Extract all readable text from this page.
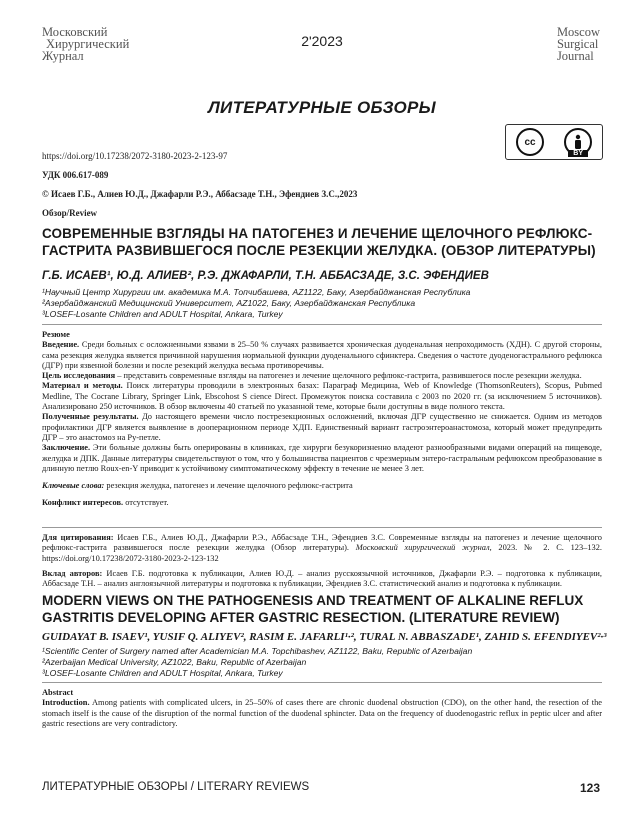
Московский
Хирургический
Журнал
2'2023
Moscow
Surgical
Journal
ЛИТЕРАТУРНЫЕ ОБЗОРЫ
cc
BY
https://doi.org/10.17238/2072-3180-2023-2-123-97
УДК 006.617-089
© Исаев Г.Б., Алиев Ю.Д., Джафарли Р.Э., Аббасзаде Т.Н., Эфендиев З.С.,2023
Обзор/Review
СОВРЕМЕННЫЕ ВЗГЛЯДЫ НА ПАТОГЕНЕЗ И ЛЕЧЕНИЕ ЩЕЛОЧНОГО РЕФЛЮКС-ГАСТРИТА РАЗВИВШЕГОСЯ ПОСЛЕ РЕЗЕКЦИИ ЖЕЛУДКА. (ОБЗОР ЛИТЕРАТУРЫ)
Г.Б. ИСАЕВ¹, Ю.Д. АЛИЕВ², Р.Э. ДЖАФАРЛИ, Т.Н. АББАСЗАДЕ, З.С. ЭФЕНДИЕВ
¹Научный Центр Хирургии им. академика М.А. Топчибашева, AZ1122, Баку, Азербайджанская Республика
²Азербайджанский Медицинский Университет, AZ1022, Баку, Азербайджанская Республика
³LOSEF-Losante Children and ADULT Hospital, Ankara, Turkey

Резюме

Введение. Среди больных с осложненными язвами в 25–50 % случаях развивается хроническая дуоденальная непроходимость (ХДН). С другой стороны, сама резекция желудка является причинной нарушения нормальной функции дуоденального сфинктера. Сведения о частоте дуоденогастрального рефлюкса (ДГР) при язвенной болезни и после резекций желудка весьма противоречивы.

Цель исследования – представить современные взгляды на патогенез и лечение щелочного рефлюкс-гастрита, развившегося после резекции желудка.

Материал и методы. Поиск литературы проводили в электронных базах: Параграф Медицина, Web of Knowledge (ThomsonReuters), Scopus, Pubmed Medline, The Cocrane Library, Springer Link, Ebscohost S cience Direct. Промежуток поиска составила с 2003 по 2020 гг. (за исключением 5 источников). Анализировано 250 источников. В обзор включены 40 статьей по указанной теме, которые были доступны в виде полного текста.

Полученные результаты. До настоящего времени число пострезекционных осложнений, включая ДГР существенно не снижается. Одним из методов профилактики ДГР является выявление в дооперационном периоде ХДП. Единственный вариант гастроэнтероанастомоза, который может предупредить ДГР – это анастомоз на Ру-петле.

Заключение. Эти больные должны быть оперированы в клиниках, где хирурги безукоризненно владеют разнообразными видами операций на пищеводе, желудка и ДПК. Данные литературы свидетельствуют о том, что у большинства пациентов с чрезмерным энтеро-гастральным рефлюксом преобразование в длинную петлю Roux-en-Y приводит к устойчивому симптоматическому эффекту в течение не менее 3 лет.

Ключевые слова: резекция желудка, патогенез и лечение щелочного рефлюкс-гастрита

Конфликт интересов. отсутствует.

Для цитирования: Исаев Г.Б., Алиев Ю.Д., Джафарли Р.Э., Аббасзаде Т.Н., Эфендиев З.С. Современные взгляды на патогенез и лечение щелочного рефлюкс-гастрита развившегося после резекции желудка (Обзор литературы). Московский хирургический журнал, 2023. № 2. С. 123–132. https://doi.org/10.17238/2072-3180-2023-2-123-132

Вклад авторов: Исаев Г.Б. подготовка к публикации, Алиев Ю.Д. – анализ русскоязычной источников, Джафарли Р.Э. – подготовка к публикации, Аббасзаде Т.Н. – анализ англоязычной литературы и подготовка к публикации, Эфендиев З.С. статистический анализ и подготовка к публикации.

MODERN VIEWS ON THE PATHOGENESIS AND TREATMENT OF ALKALINE REFLUX GASTRITIS DEVELOPING AFTER GASTRIC RESECTION. (LITERATURE REVIEW)
GUIDAYAT B. ISAEV¹, YUSIF Q. ALIYEV², RASIM E. JAFARLI¹·², TURAL N. ABBASZADE¹, ZAHID S. EFENDIYEV²·³
¹Scientific Center of Surgery named after Academician M.A. Topchibashev, AZ1122, Baku, Republic of Azerbaijan
²Azerbaijan Medical University, AZ1022, Baku, Republic of Azerbaijan
³LOSEF-Losante Children and ADULT Hospital, Ankara, Turkey

Abstract

Introduction. Among patients with complicated ulcers, in 25–50% of cases there are chronic duodenal obstruction (CDO), on the other hand, the resection of the stomach itself is the cause of the disruption of the normal function of the duodenal sphincter. Data on the frequency of duodenogastric reflux in peptic ulcer and after gastric resections are very contradictory.

ЛИТЕРАТУРНЫЕ ОБЗОРЫ / LITERARY REVIEWS	123
